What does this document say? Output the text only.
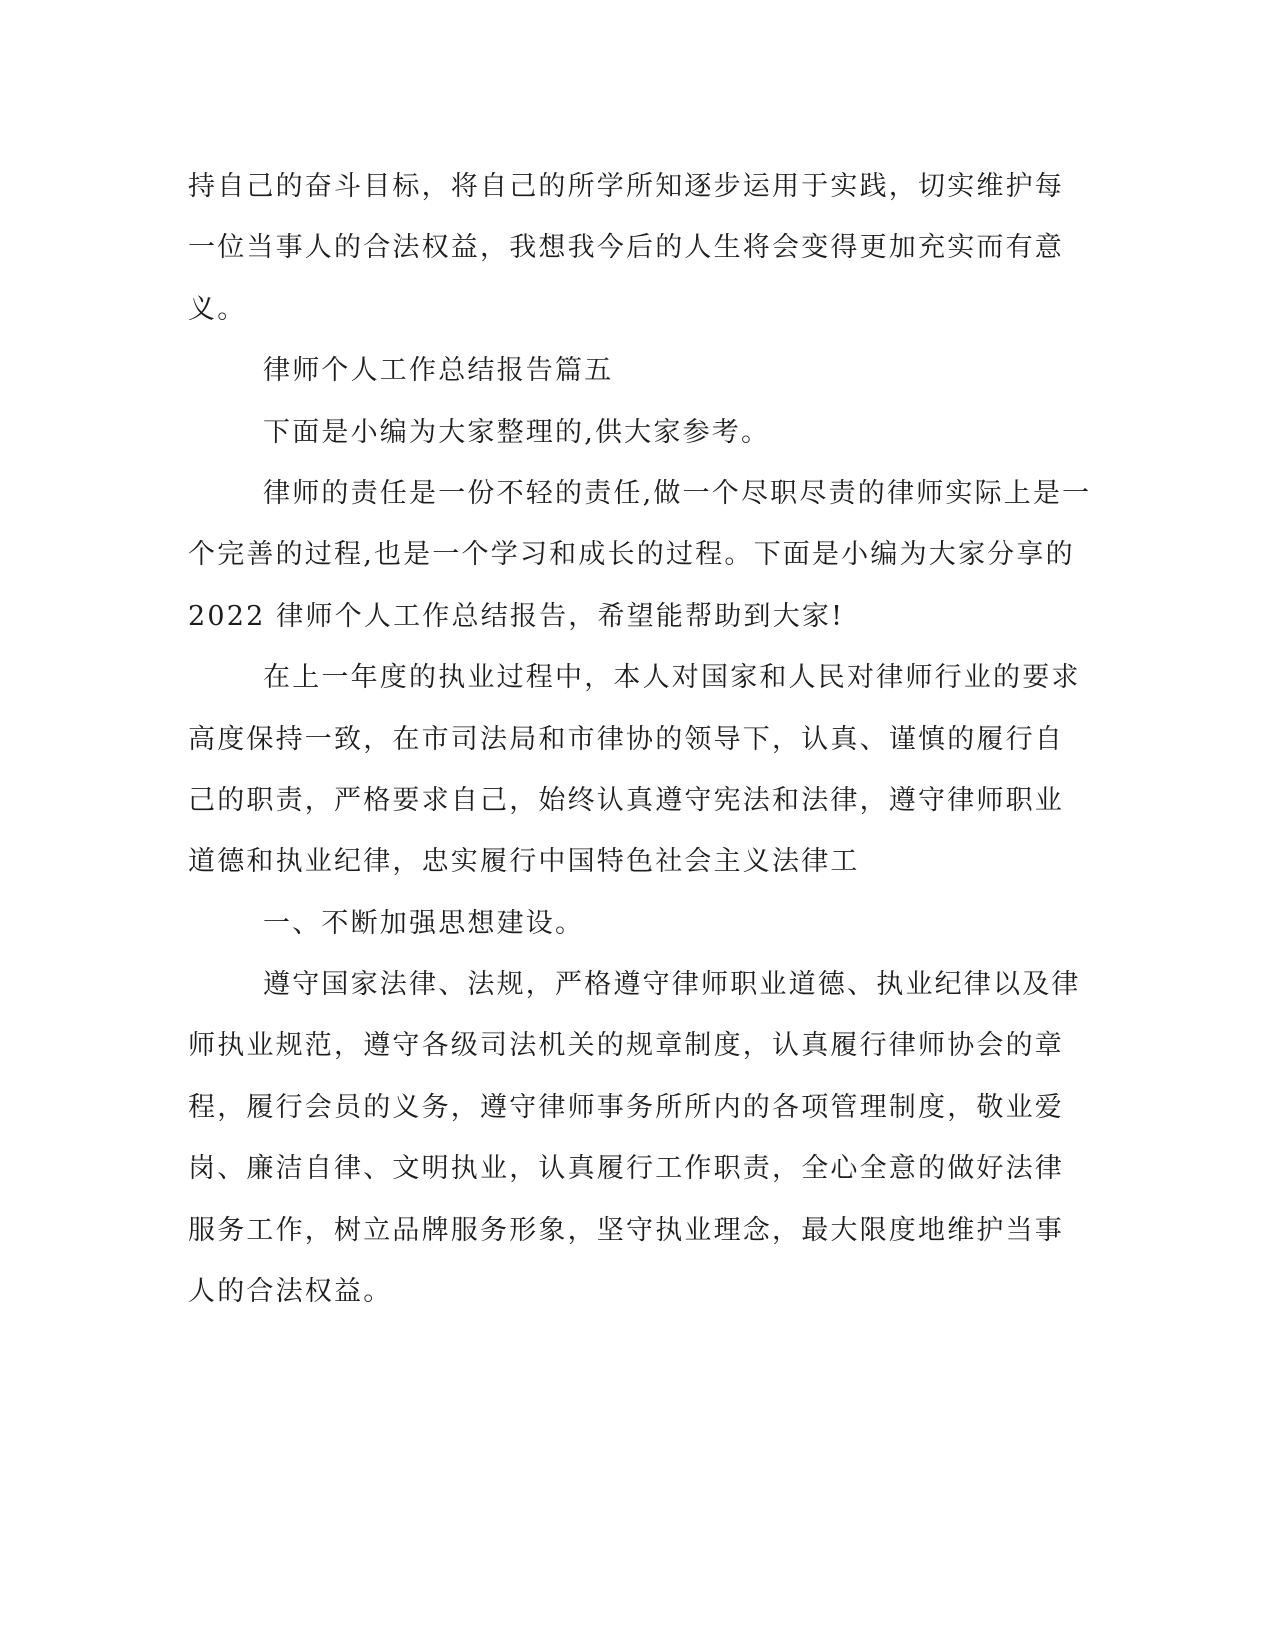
持自己的奋斗目标，将自己的所学所知逐步运用于实践，切实维护每
一位当事人的合法权益，我想我今后的人生将会变得更加充实而有意
义。
律师个人工作总结报告篇五
下面是小编为大家整理的,供大家参考。
律师的责任是一份不轻的责任,做一个尽职尽责的律师实际上是一
个完善的过程,也是一个学习和成长的过程。下面是小编为大家分享的
2022 律师个人工作总结报告，希望能帮助到大家!
在上一年度的执业过程中，本人对国家和人民对律师行业的要求
高度保持一致，在市司法局和市律协的领导下，认真、谨慎的履行自
己的职责，严格要求自己，始终认真遵守宪法和法律，遵守律师职业
道德和执业纪律，忠实履行中国特色社会主义法律工
一、不断加强思想建设。
遵守国家法律、法规，严格遵守律师职业道德、执业纪律以及律
师执业规范，遵守各级司法机关的规章制度，认真履行律师协会的章
程，履行会员的义务，遵守律师事务所所内的各项管理制度，敬业爱
岗、廉洁自律、文明执业，认真履行工作职责，全心全意的做好法律
服务工作，树立品牌服务形象，坚守执业理念，最大限度地维护当事
人的合法权益。
